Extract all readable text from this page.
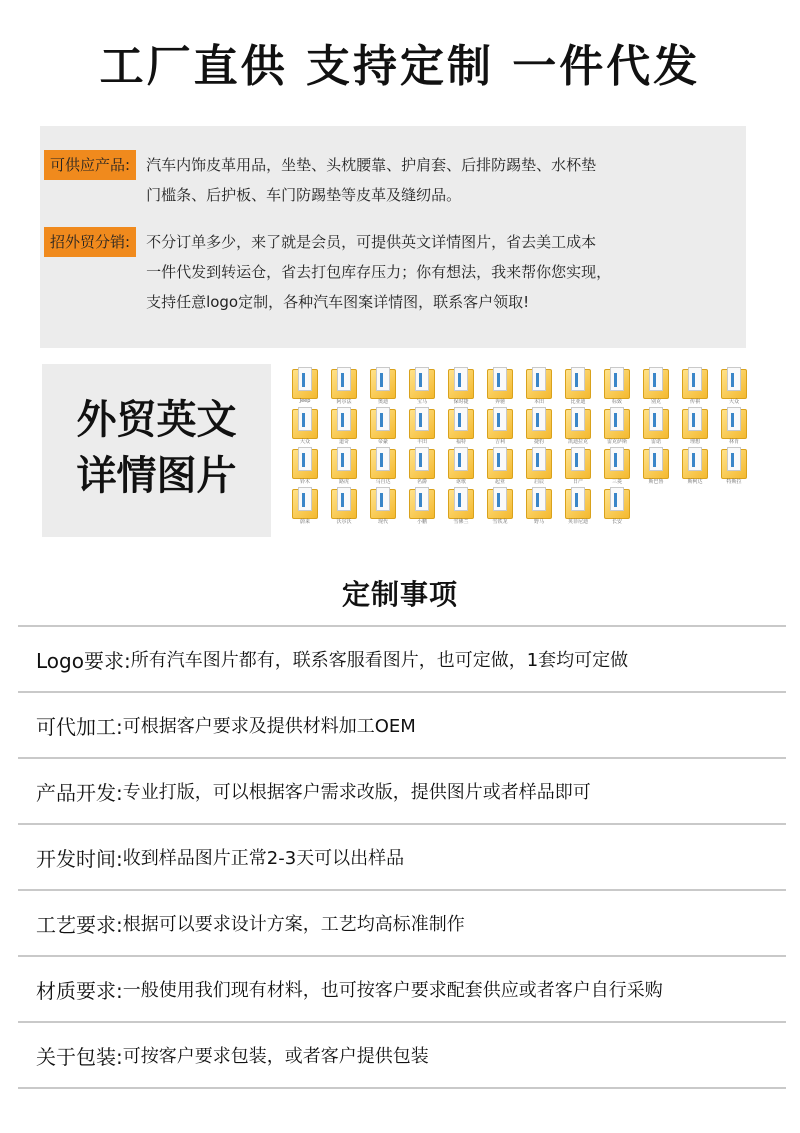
工厂直供 支持定制 一件代发
可供应产品:	汽车内饰皮革用品，坐垫、头枕腰靠、护肩套、后排防踢垫、水杯垫
门槛条、后护板、车门防踢垫等皮革及缝纫品。
招外贸分销:	不分订单多少，来了就是会员，可提供英文详情图片，省去美工成本
一件代发到转运仓，省去打包库存压力；你有想法，我来帮你您实现，
支持任意logo定制，各种汽车图案详情图，联系客户领取!
外贸英文
详情图片
Jeep	阿尔法	奥迪	宝马	保时捷	奔驰	本田	比亚迪	标致	别克	传祺	大众
大众	道奇	帝豪	丰田	福特	吉利	捷豹	凯迪拉克	雷克萨斯	雷诺	理想	林肯
铃木	路虎	马自达	名爵	讴歌	起亚	启辰	日产	三菱	斯巴鲁	斯柯达	特斯拉
蔚来	沃尔沃	现代	小鹏	雪佛兰	雪铁龙	野马	英菲尼迪	长安
定制事项
Logo要求: 所有汽车图片都有，联系客服看图片，也可定做，1套均可定做
可代加工: 可根据客户要求及提供材料加工OEM
产品开发: 专业打版，可以根据客户需求改版，提供图片或者样品即可
开发时间: 收到样品图片正常2-3天可以出样品
工艺要求: 根据可以要求设计方案，工艺均高标准制作
材质要求: 一般使用我们现有材料，也可按客户要求配套供应或者客户自行采购
关于包装: 可按客户要求包装，或者客户提供包装
